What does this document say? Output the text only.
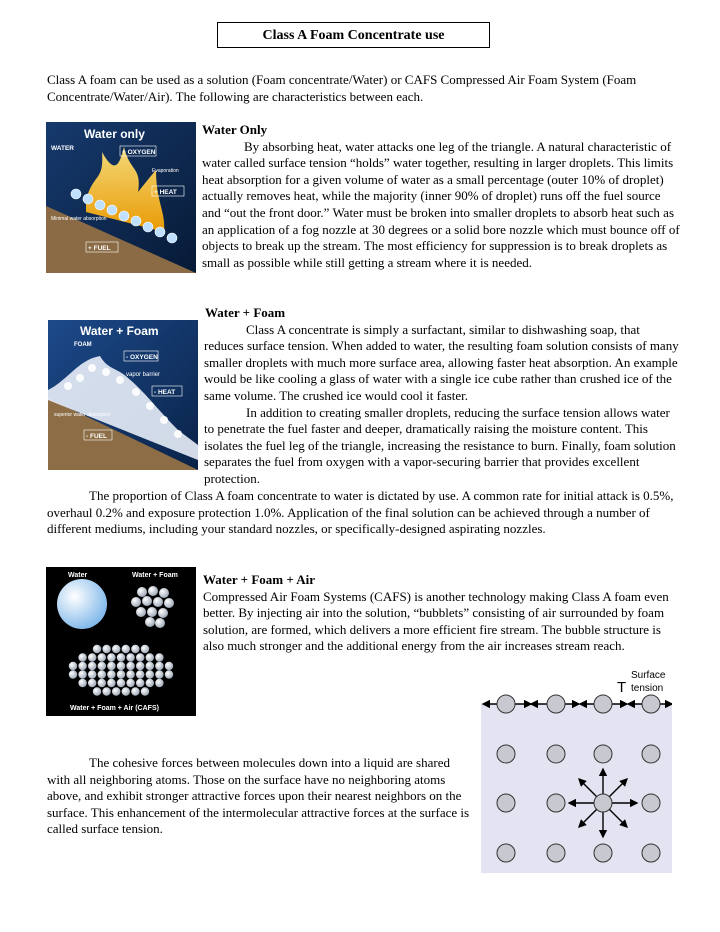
Class A Foam Concentrate use

Class A foam can be used as a solution (Foam concentrate/Water) or CAFS Compressed Air Foam System (Foam Concentrate/Water/Air). The following are characteristics between each.

Water only
WATER
+ OXYGEN
Evaporation
+ HEAT
Minimal water absorption
+ FUEL

Water Only

By absorbing heat, water attacks one leg of the triangle. A natural characteristic of water called surface tension “holds” water together, resulting in larger droplets. This limits heat absorption for a given volume of water as a small percentage (outer 10% of droplet) actually removes heat, while the majority (inner 90% of droplet) runs off the fuel source and “out the front door.” Water must be broken into smaller droplets to absorb heat such as an application of a fog nozzle at 30 degrees or a solid bore nozzle which must bounce off of objects to break up the stream. The most efficiency for suppression is to break droplets as small as possible while still getting a stream where it is needed.

Water + Foam
FOAM
- OXYGEN
vapor barrier
- HEAT
superior water absorption
- FUEL

Water + Foam

Class A concentrate is simply a surfactant, similar to dishwashing soap, that reduces surface tension. When added to water, the resulting foam solution consists of many smaller droplets with much more surface area, allowing faster heat absorption. An example would be like cooling a glass of water with a single ice cube rather than crushed ice of the same volume. The crushed ice would cool it faster.

In addition to creating smaller droplets, reducing the surface tension allows water to penetrate the fuel faster and deeper, dramatically raising the moisture content. This isolates the fuel leg of the triangle, increasing the resistance to burn. Finally, foam solution separates the fuel from oxygen with a vapor-securing barrier that provides excellent protection.

The proportion of Class A foam concentrate to water is dictated by use. A common rate for initial attack is 0.5%, overhaul 0.2% and exposure protection 1.0%. Application of the final solution can be achieved through a number of different mediums, including your standard nozzles, or specifically-designed aspirating nozzles.

Water	Water + Foam
Water + Foam + Air (CAFS)

Water + Foam + Air

Compressed Air Foam Systems (CAFS) is another technology making Class A foam even better. By injecting air into the solution, “bubblets” consisting of air surrounded by foam solution, are formed, which delivers a more efficient fire stream. The bubble structure is also much stronger and the additional energy from the air increases stream reach.

T
Surface
tension

The cohesive forces between molecules down into a liquid are shared with all neighboring atoms. Those on the surface have no neighboring atoms above, and exhibit stronger attractive forces upon their nearest neighbors on the surface. This enhancement of the intermolecular attractive forces at the surface is called surface tension.
